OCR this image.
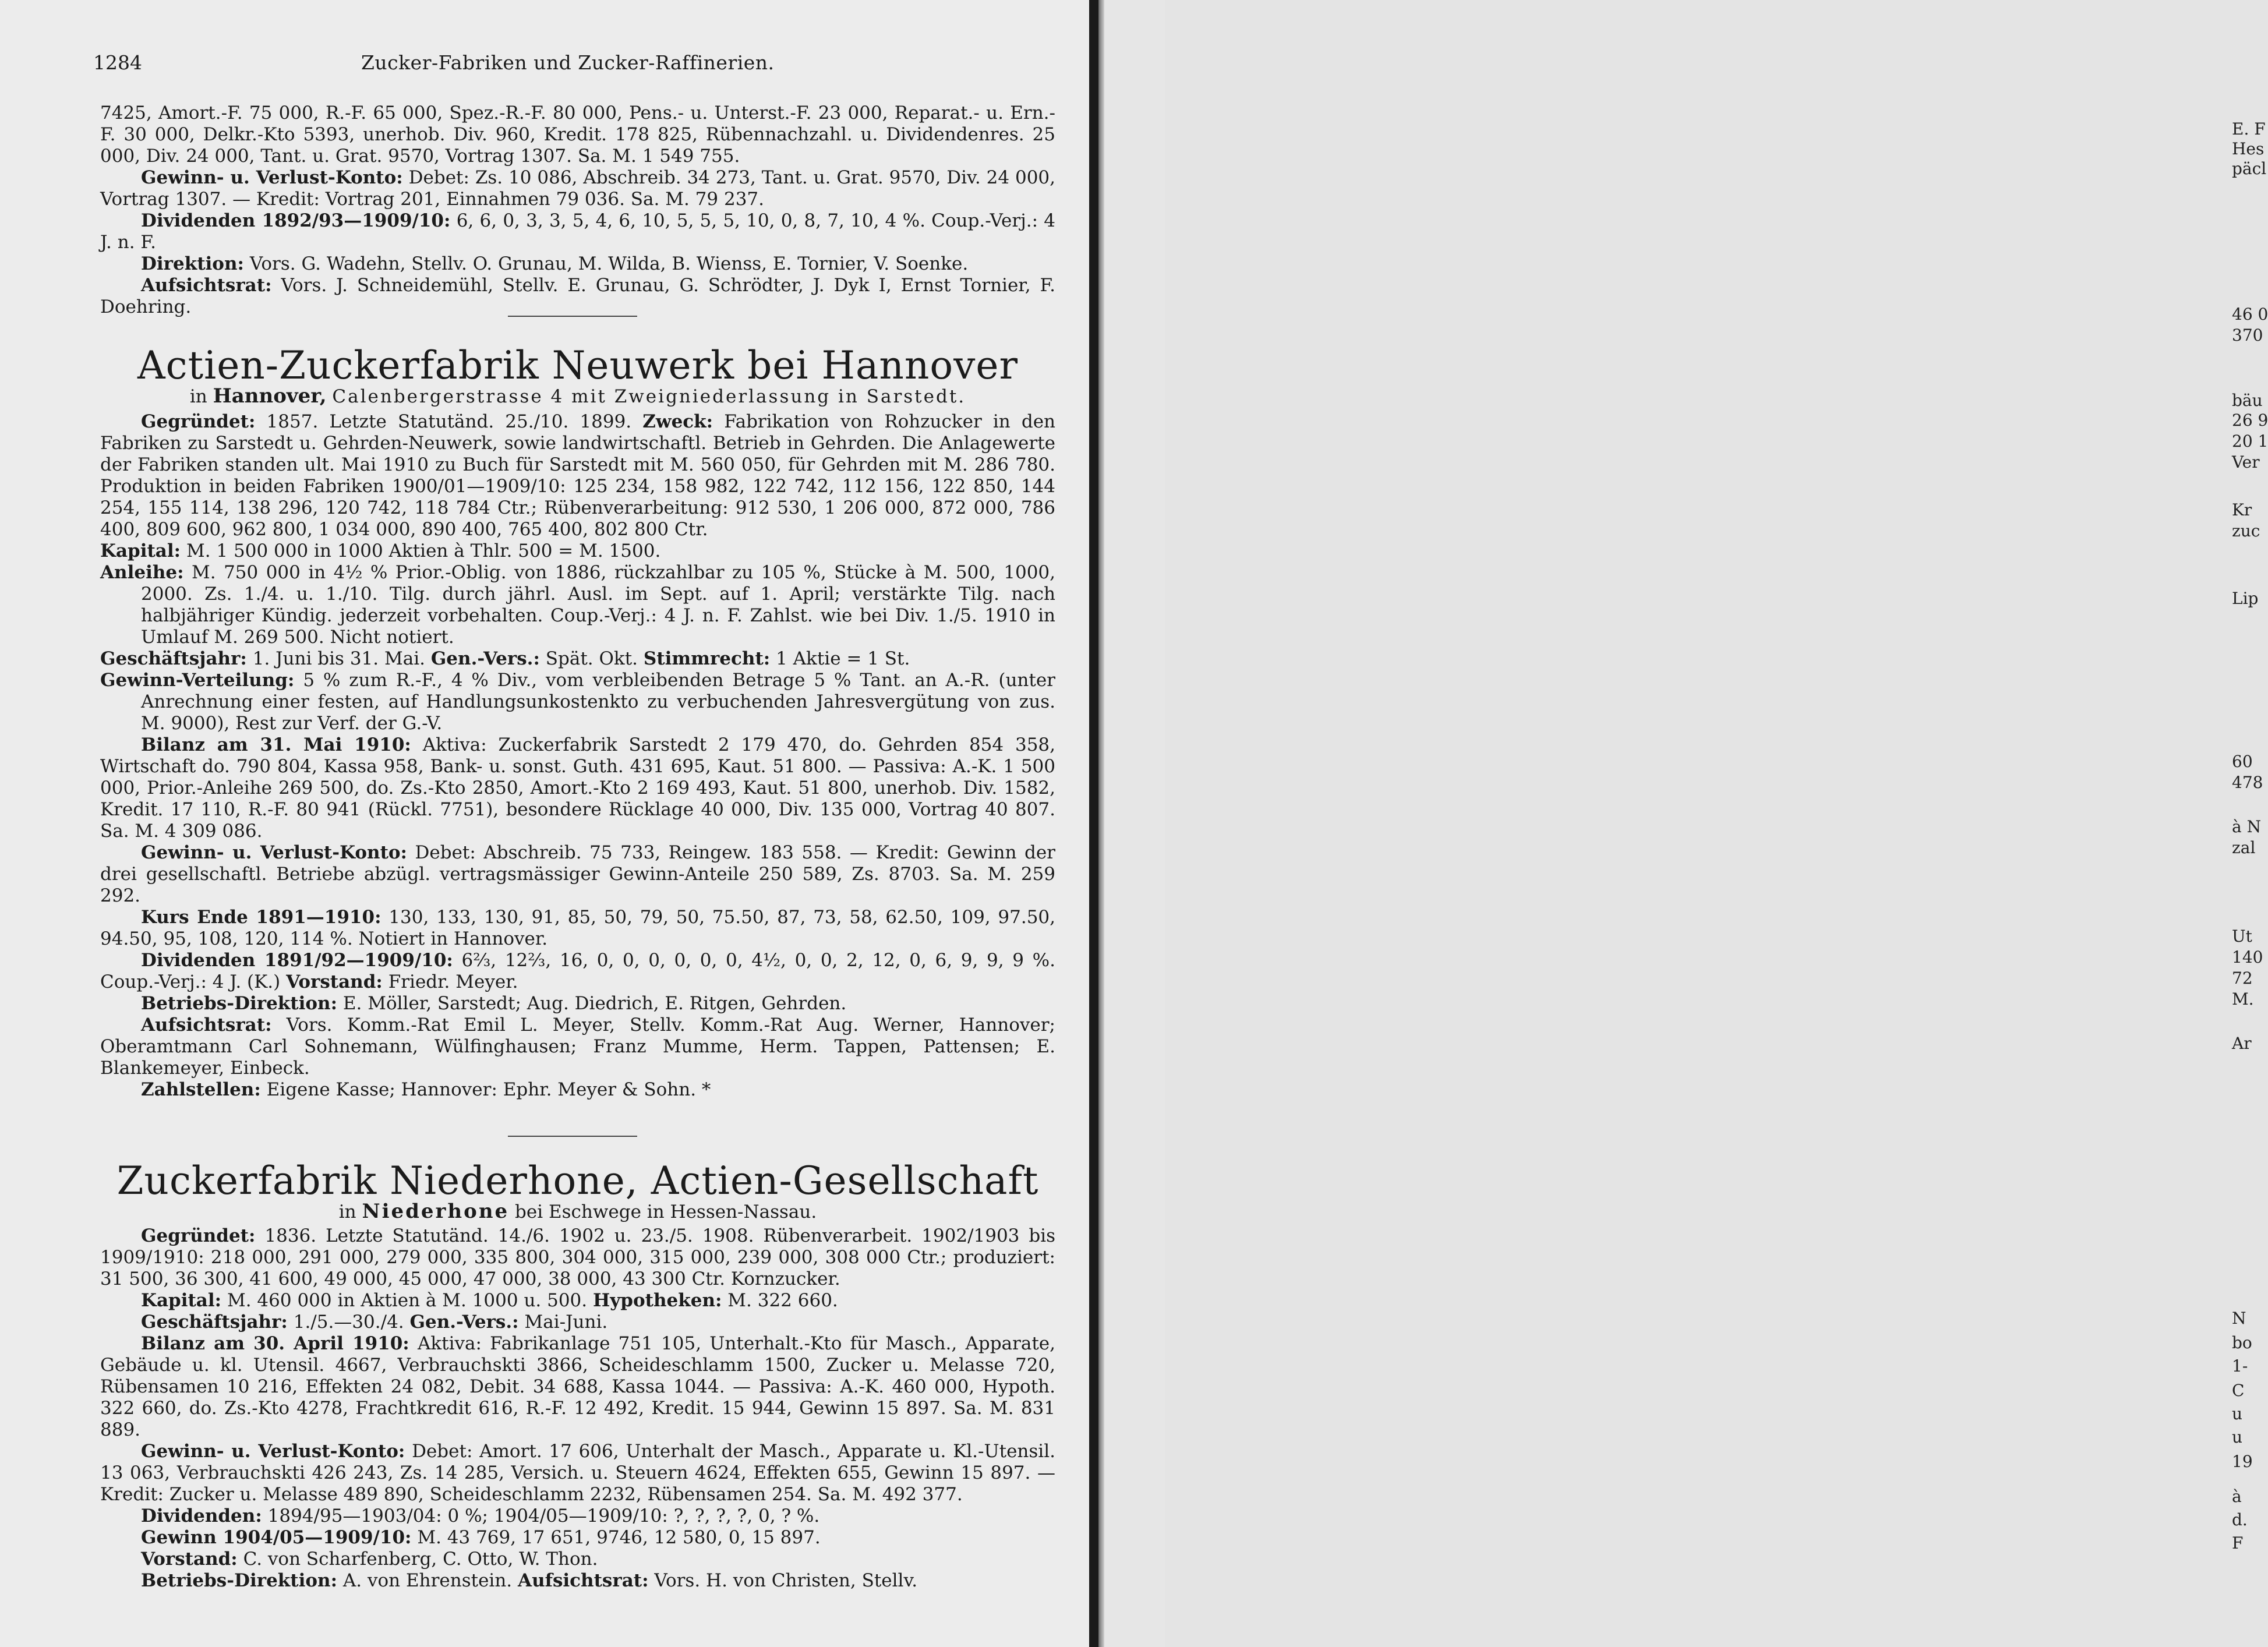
1284	Zucker-Fabriken und Zucker-Raffinerien.

7425, Amort.-F. 75 000, R.-F. 65 000, Spez.-R.-F. 80 000, Pens.- u. Unterst.-F. 23 000, Reparat.- u. Ern.-F. 30 000, Delkr.-Kto 5393, unerhob. Div. 960, Kredit. 178 825, Rübennachzahl. u. Dividendenres. 25 000, Div. 24 000, Tant. u. Grat. 9570, Vortrag 1307. Sa. M. 1 549 755.

Gewinn- u. Verlust-Konto: Debet: Zs. 10 086, Abschreib. 34 273, Tant. u. Grat. 9570, Div. 24 000, Vortrag 1307. — Kredit: Vortrag 201, Einnahmen 79 036. Sa. M. 79 237.

Dividenden 1892/93—1909/10: 6, 6, 0, 3, 3, 5, 4, 6, 10, 5, 5, 5, 10, 0, 8, 7, 10, 4 %. Coup.-Verj.: 4 J. n. F.

Direktion: Vors. G. Wadehn, Stellv. O. Grunau, M. Wilda, B. Wienss, E. Tornier, V. Soenke.

Aufsichtsrat: Vors. J. Schneidemühl, Stellv. E. Grunau, G. Schrödter, J. Dyk I, Ernst Tornier, F. Doehring.

Actien-Zuckerfabrik Neuwerk bei Hannover
in Hannover, Calenbergerstrasse 4 mit Zweigniederlassung in Sarstedt.

Gegründet: 1857. Letzte Statutänd. 25./10. 1899. Zweck: Fabrikation von Rohzucker in den Fabriken zu Sarstedt u. Gehrden-Neuwerk, sowie landwirtschaftl. Betrieb in Gehrden. Die Anlagewerte der Fabriken standen ult. Mai 1910 zu Buch für Sarstedt mit M. 560 050, für Gehrden mit M. 286 780. Produktion in beiden Fabriken 1900/01—1909/10: 125 234, 158 982, 122 742, 112 156, 122 850, 144 254, 155 114, 138 296, 120 742, 118 784 Ctr.; Rübenverarbeitung: 912 530, 1 206 000, 872 000, 786 400, 809 600, 962 800, 1 034 000, 890 400, 765 400, 802 800 Ctr.

Kapital: M. 1 500 000 in 1000 Aktien à Thlr. 500 = M. 1500.

Anleihe: M. 750 000 in 4½ % Prior.-Oblig. von 1886, rückzahlbar zu 105 %, Stücke à M. 500, 1000, 2000. Zs. 1./4. u. 1./10. Tilg. durch jährl. Ausl. im Sept. auf 1. April; verstärkte Tilg. nach halbjähriger Kündig. jederzeit vorbehalten. Coup.-Verj.: 4 J. n. F. Zahlst. wie bei Div. 1./5. 1910 in Umlauf M. 269 500. Nicht notiert.

Geschäftsjahr: 1. Juni bis 31. Mai. Gen.-Vers.: Spät. Okt. Stimmrecht: 1 Aktie = 1 St.

Gewinn-Verteilung: 5 % zum R.-F., 4 % Div., vom verbleibenden Betrage 5 % Tant. an A.-R. (unter Anrechnung einer festen, auf Handlungsunkostenkto zu verbuchenden Jahresvergütung von zus. M. 9000), Rest zur Verf. der G.-V.

Bilanz am 31. Mai 1910: Aktiva: Zuckerfabrik Sarstedt 2 179 470, do. Gehrden 854 358, Wirtschaft do. 790 804, Kassa 958, Bank- u. sonst. Guth. 431 695, Kaut. 51 800. — Passiva: A.-K. 1 500 000, Prior.-Anleihe 269 500, do. Zs.-Kto 2850, Amort.-Kto 2 169 493, Kaut. 51 800, unerhob. Div. 1582, Kredit. 17 110, R.-F. 80 941 (Rückl. 7751), besondere Rücklage 40 000, Div. 135 000, Vortrag 40 807. Sa. M. 4 309 086.

Gewinn- u. Verlust-Konto: Debet: Abschreib. 75 733, Reingew. 183 558. — Kredit: Gewinn der drei gesellschaftl. Betriebe abzügl. vertragsmässiger Gewinn-Anteile 250 589, Zs. 8703. Sa. M. 259 292.

Kurs Ende 1891—1910: 130, 133, 130, 91, 85, 50, 79, 50, 75.50, 87, 73, 58, 62.50, 109, 97.50, 94.50, 95, 108, 120, 114 %. Notiert in Hannover.

Dividenden 1891/92—1909/10: 6⅔, 12⅔, 16, 0, 0, 0, 0, 0, 0, 4½, 0, 0, 2, 12, 0, 6, 9, 9, 9 %. Coup.-Verj.: 4 J. (K.) Vorstand: Friedr. Meyer.

Betriebs-Direktion: E. Möller, Sarstedt; Aug. Diedrich, E. Ritgen, Gehrden.

Aufsichtsrat: Vors. Komm.-Rat Emil L. Meyer, Stellv. Komm.-Rat Aug. Werner, Hannover; Oberamtmann Carl Sohnemann, Wülfinghausen; Franz Mumme, Herm. Tappen, Pattensen; E. Blankemeyer, Einbeck.

Zahlstellen: Eigene Kasse; Hannover: Ephr. Meyer & Sohn. *

Zuckerfabrik Niederhone, Actien-Gesellschaft
in Niederhone bei Eschwege in Hessen-Nassau.

Gegründet: 1836. Letzte Statutänd. 14./6. 1902 u. 23./5. 1908. Rübenverarbeit. 1902/1903 bis 1909/1910: 218 000, 291 000, 279 000, 335 800, 304 000, 315 000, 239 000, 308 000 Ctr.; produziert: 31 500, 36 300, 41 600, 49 000, 45 000, 47 000, 38 000, 43 300 Ctr. Kornzucker.

Kapital: M. 460 000 in Aktien à M. 1000 u. 500. Hypotheken: M. 322 660.

Geschäftsjahr: 1./5.—30./4. Gen.-Vers.: Mai-Juni.

Bilanz am 30. April 1910: Aktiva: Fabrikanlage 751 105, Unterhalt.-Kto für Masch., Apparate, Gebäude u. kl. Utensil. 4667, Verbrauchskti 3866, Scheideschlamm 1500, Zucker u. Melasse 720, Rübensamen 10 216, Effekten 24 082, Debit. 34 688, Kassa 1044. — Passiva: A.-K. 460 000, Hypoth. 322 660, do. Zs.-Kto 4278, Frachtkredit 616, R.-F. 12 492, Kredit. 15 944, Gewinn 15 897. Sa. M. 831 889.

Gewinn- u. Verlust-Konto: Debet: Amort. 17 606, Unterhalt der Masch., Apparate u. Kl.-Utensil. 13 063, Verbrauchskti 426 243, Zs. 14 285, Versich. u. Steuern 4624, Effekten 655, Gewinn 15 897. — Kredit: Zucker u. Melasse 489 890, Scheideschlamm 2232, Rübensamen 254. Sa. M. 492 377.

Dividenden: 1894/95—1903/04: 0 %; 1904/05—1909/10: ?, ?, ?, ?, 0, ? %.

Gewinn 1904/05—1909/10: M. 43 769, 17 651, 9746, 12 580, 0, 15 897.

Vorstand: C. von Scharfenberg, C. Otto, W. Thon.

Betriebs-Direktion: A. von Ehrenstein. Aufsichtsrat: Vors. H. von Christen, Stellv.

E. F
Hes
päcl
46 0
370
bäu
26 9
20 1
Ver
Kr
zuc
Lip
60
478
à N
zal
Ut
140
72
M.
Ar
N
bo
1-
C
u
u
19
à
d.
F
